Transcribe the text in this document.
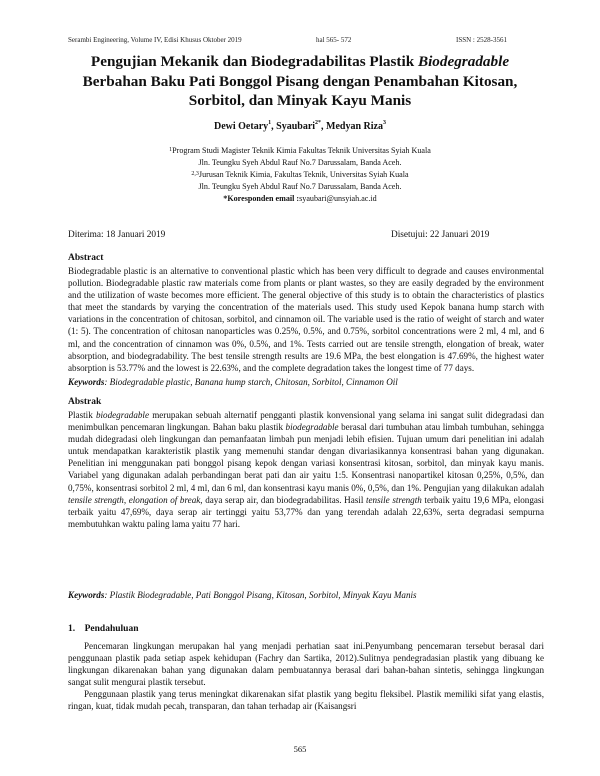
Serambi Engineering, Volume IV, Edisi Khusus Oktober 2019	hal 565- 572	ISSN : 2528-3561
Pengujian Mekanik dan Biodegradabilitas Plastik Biodegradable Berbahan Baku Pati Bonggol Pisang dengan Penambahan Kitosan, Sorbitol, dan Minyak Kayu Manis
Dewi Oetary$^1$, Syaubari$^{2*}$, Medyan Riza$^3$
$^1$Program Studi Magister Teknik Kimia Fakultas Teknik Universitas Syiah Kuala
Jln. Teungku Syeh Abdul Rauf No.7 Darussalam, Banda Aceh.
$^{2,3}$Jurusan Teknik Kimia, Fakultas Teknik, Universitas Syiah Kuala
Jln. Teungku Syeh Abdul Rauf No.7 Darussalam, Banda Aceh.
*Koresponden email :syaubari@unsyiah.ac.id
Diterima: 18 Januari 2019	Disetujui: 22 Januari 2019
Abstract
Biodegradable plastic is an alternative to conventional plastic which has been very difficult to degrade and causes environmental pollution. Biodegradable plastic raw materials come from plants or plant wastes, so they are easily degraded by the environment and the utilization of waste becomes more efficient. The general objective of this study is to obtain the characteristics of plastics that meet the standards by varying the concentration of the materials used. This study used Kepok banana hump starch with variations in the concentration of chitosan, sorbitol, and cinnamon oil. The variable used is the ratio of weight of starch and water (1: 5). The concentration of chitosan nanoparticles was 0.25%, 0.5%, and 0.75%, sorbitol concentrations were 2 ml, 4 ml, and 6 ml, and the concentration of cinnamon was 0%, 0.5%, and 1%. Tests carried out are tensile strength, elongation of break, water absorption, and biodegradability. The best tensile strength results are 19.6 MPa, the best elongation is 47.69%, the highest water absorption is 53.77% and the lowest is 22.63%, and the complete degradation takes the longest time of 77 days.
Keywords: Biodegradable plastic, Banana hump starch, Chitosan, Sorbitol, Cinnamon Oil
Abstrak
Plastik biodegradable merupakan sebuah alternatif pengganti plastik konvensional yang selama ini sangat sulit didegradasi dan menimbulkan pencemaran lingkungan. Bahan baku plastik biodegradable berasal dari tumbuhan atau limbah tumbuhan, sehingga mudah didegradasi oleh lingkungan dan pemanfaatan limbah pun menjadi lebih efisien. Tujuan umum dari penelitian ini adalah untuk mendapatkan karakteristik plastik yang memenuhi standar dengan divariasikannya konsentrasi bahan yang digunakan. Penelitian ini menggunakan pati bonggol pisang kepok dengan variasi konsentrasi kitosan, sorbitol, dan minyak kayu manis. Variabel yang digunakan adalah perbandingan berat pati dan air yaitu 1:5. Konsentrasi nanopartikel kitosan 0,25%, 0,5%, dan 0,75%, konsentrasi sorbitol 2 ml, 4 ml, dan 6 ml, dan konsentrasi kayu manis 0%, 0,5%, dan 1%. Pengujian yang dilakukan adalah tensile strength, elongation of break, daya serap air, dan biodegradabilitas. Hasil tensile strength terbaik yaitu 19,6 MPa, elongasi terbaik yaitu 47,69%, daya serap air tertinggi yaitu 53,77% dan yang terendah adalah 22,63%, serta degradasi sempurna membutuhkan waktu paling lama yaitu 77 hari.
Keywords: Plastik Biodegradable, Pati Bonggol Pisang, Kitosan, Sorbitol, Minyak Kayu Manis
1. Pendahuluan

Pencemaran lingkungan merupakan hal yang menjadi perhatian saat ini.Penyumbang pencemaran tersebut berasal dari penggunaan plastik pada setiap aspek kehidupan (Fachry dan Sartika, 2012).Sulitnya pendegradasian plastik yang dibuang ke lingkungan dikarenakan bahan yang digunakan dalam pembuatannya berasal dari bahan-bahan sintetis, sehingga lingkungan sangat sulit mengurai plastik tersebut.

Penggunaan plastik yang terus meningkat dikarenakan sifat plastik yang begitu fleksibel. Plastik memiliki sifat yang elastis, ringan, kuat, tidak mudah pecah, transparan, dan tahan terhadap air (Kaisangsri

565
